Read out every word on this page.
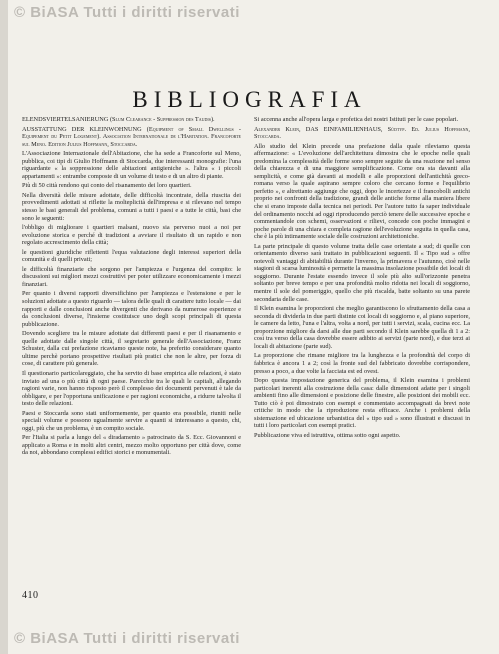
© BiASA Tutti i diritti riservati
BIBLIOGRAFIA

ELENDSVIERTELSANIERUNG (Slum Clearance - Suppression des Taudis).

AUSSTATTUNG DER KLEINWOHNUNG (Equipment of Small Dwellings - Equipement du Petit Logement). Association Internationale de l'Habitation. Francoforte sul Meno. Edition Julius Hoffmann, Stoccarda.

L'Associazione Internazionale dell'Abitazione, che ha sede a Francoforte sul Meno, pubblica, coi tipi di Giulio Hoffmann di Stoccarda, due interessanti monografie: l'una riguardante « la soppressione delle abitazioni antigieniche ». l'altra « i piccoli appartamenti »: entrambe composte di un volume di testo e di un altro di piante.

Più di 50 città rendono qui conto del risanamento dei loro quartieri.

Nella diversità delle misure adottate, delle difficoltà incontrate, della riuscita dei provvedimenti adottati si riflette la molteplicità dell'impresa e si rilevano nel tempo stesso le basi generali del problema, comuni a tutti i paesi e a tutte le città, basi che sono le seguenti:

l'obbligo di migliorare i quartieri malsani, nuovo sia perverso nuoi a noi per evoluzione storica e perché di tradizioni a avviare il risultato di un rapido e non regolato accrescimento della città;

le questioni giuridiche riflettenti l'equa valutazione degli interessi superiori della comunità e di quelli privati;

le difficoltà finanziarie che sorgono per l'ampiezza e l'urgenza del compito: le discussioni sui migliori mezzi costruttivi per poter utilizzare economicamente i mezzi finanziari.

Per quanto i diversi rapporti diversifichino per l'ampiezza e l'estensione e per le soluzioni adottate a questo riguardo — talora delle quali di carattere tutto locale — dai rapporti e dalle conclusioni anche divergenti che derivano da numerose esperienze e da conclusioni diverse, l'insieme costituisce uno degli scopi principali di questa pubblicazione.

Dovendo scegliere tra le misure adottate dai differenti paesi e per il risanamento e quelle adottate dalle singole città, il segretario generale dell'Associazione, Franz Schuster, dalla cui prefazione ricaviamo queste note, ha preferito considerare quanto ultime perchè portano prospettive risultati più pratici che non le altre, per forza di cose, di carattere più generale.

Il questionario particolareggiato, che ha servito di base empirica alle relazioni, è stato inviato ad una o più città di ogni paese. Parecchie tra le quali le capitali, allegando ragioni varie, non hanno risposto però il complesso dei documenti pervenuti è tale da obbligare, e per l'opportuna unificazione e per ragioni economiche, a ridurre talvolta il testo delle relazioni.

Paesi e Stoccarda sono stati uniformemente, per quanto era possibile, riuniti nelle speciali volume e possono ugualmente servire a quanti si interessano a questo, chi, oggi, più che un problema, è un compito sociale.

Per l'Italia si parla a lungo del « diradamento » patrocinato da S. Ecc. Giovannoni e applicato a Roma e in molti altri centri, mezzo molto opportuno per città dove, come da noi, abbondano complessi edifici storici e monumentali.

Si accenna anche all'opera larga e profetica dei nostri Istituti per le case popolari.

Alexander Klein, DAS EINFAMILIENHAUS, Südtyp. Ed. Julius Hoffmann, Stoccarda.

Allo studio del Klein precede una prefazione dalla quale rileviamo questa affermazione: « L'evoluzione dell'architettura dimostra che le epoche nelle quali predomina la complessità delle forme sono sempre seguite da una reazione nel senso della chiarezza e di una maggiore semplificazione. Come ora sta davanti alla semplicità, e come già davanti ai modelli e alle proporzioni dell'antichità greco-romana verso la quale aspirano sempre coloro che cercano forme e l'equilibrio perfetto », e altrettanto aggiunge che oggi, dopo le incertezze e il francobolli antichi proprio nei confronti della tradizione, grandi delle antiche forme alla maniera libere che si erano imposte dalla tecnica nei periodi. Per l'autore tutto fa saper individuale del ordinamento nocchi ad oggi riproducendo perciò tenere delle successive epoche e commentandole con schemi, osservazioni e rilievi, concede con poche immagini e poche parole di una chiara e completa ragione dell'evoluzione seguita in quella casa, che è la più intimamente sociale delle costruzioni architettoniche.

La parte principale di questo volume tratta delle case orientate a sud; di quelle con orientamento diverso sarà trattato in pubblicazioni seguenti. Il « Tipo sud » offre notevoli vantaggi di abitabilità durante l'inverno, la primavera e l'autunno, cioè nelle stagioni di scarsa luminosità e permette la massima insolazione possibile dei locali di soggiorno. Durante l'estate essendo invece il sole più alto sull'orizzonte penetra soltanto per breve tempo e per una profondità molto ridotta nei locali di soggiorno, mentre il sole del pomeriggio, quello che più riscalda, batte soltanto su una parete secondaria delle case.

Il Klein esamina le proporzioni che meglio garantiscono lo sfruttamento della casa a seconda di dividerla in due parti distinte coi locali di soggiorno e, al piano superiore, le camere da letto, l'una e l'altra, volta a nord, per tutti i servizi, scala, cucina ecc. La proporzione migliore da darsi alle due parti secondo il Klein sarebbe quella di 1 a 2: così tra verso della casa dovrebbe essere adibito ai servizi (parte nord), e due terzi ai locali di abitazione (parte sud).

La proporzione che rimane migliore tra la lunghezza e la profondità del corpo di fabbrica è ancora 1 a 2; così la fronte sud del fabbricato dovrebbe corrispondere, presso a poco, a due volte la facciata est ed ovest.

Dopo questa impostazione generica del problema, il Klein esamina i problemi particolari inerenti alla costruzione della casa: dalle dimensioni adatte per i singoli ambienti fino alle dimensioni e posizione delle finestre, alle posizioni dei mobili ecc. Tutto ciò è poi dimostrato con esempi e commentato accompagnati da brevi note critiche in modo che la riproduzione resta efficace. Anche i problemi della sistemazione ed ubicazione urbanistica del « tipo sud » sono illustrati e discussi in tutti i loro particolari con esempi pratici.

Pubblicazione viva ed istruttiva, ottima sotto ogni aspetto.

410
© BiASA Tutti i diritti riservati
